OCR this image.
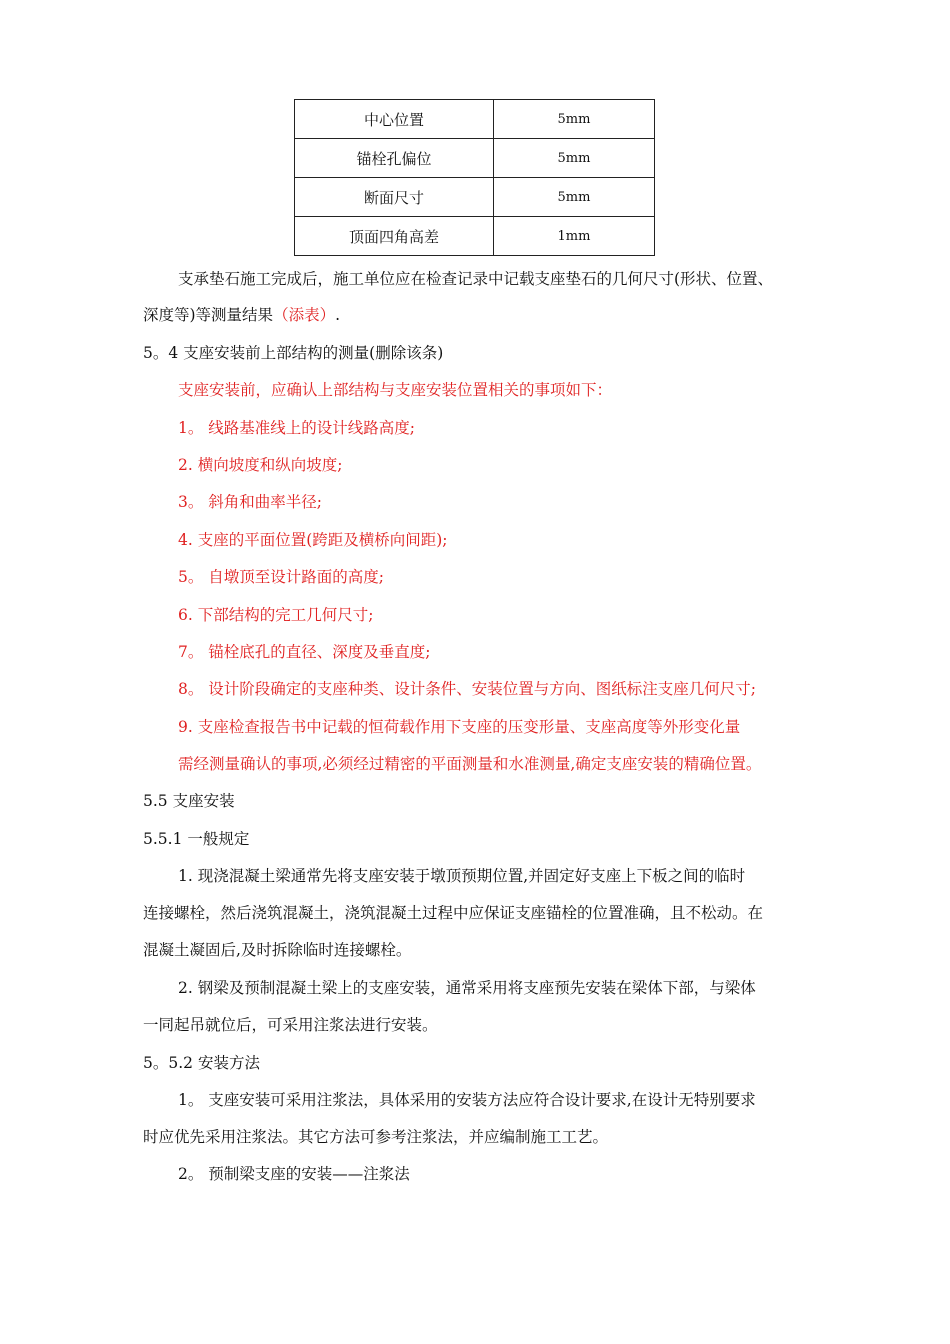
中心位置	5mm
锚栓孔偏位	5mm
断面尺寸	5mm
顶面四角高差	1mm
支承垫石施工完成后，施工单位应在检查记录中记载支座垫石的几何尺寸(形状、位置、
深度等)等测量结果（添表）.
5。4 支座安装前上部结构的测量(删除该条)
支座安装前，应确认上部结构与支座安装位置相关的事项如下：
1。 线路基准线上的设计线路高度;
2. 横向坡度和纵向坡度;
3。 斜角和曲率半径;
4. 支座的平面位置(跨距及横桥向间距);
5。 自墩顶至设计路面的高度;
6. 下部结构的完工几何尺寸;
7。 锚栓底孔的直径、深度及垂直度;
8。 设计阶段确定的支座种类、设计条件、安装位置与方向、图纸标注支座几何尺寸;
9. 支座检查报告书中记载的恒荷载作用下支座的压变形量、支座高度等外形变化量
需经测量确认的事项,必须经过精密的平面测量和水准测量,确定支座安装的精确位置。
5.5 支座安装
5.5.1 一般规定
1. 现浇混凝土梁通常先将支座安装于墩顶预期位置,并固定好支座上下板之间的临时
连接螺栓，然后浇筑混凝土，浇筑混凝土过程中应保证支座锚栓的位置准确，且不松动。在
混凝土凝固后,及时拆除临时连接螺栓。
2. 钢梁及预制混凝土梁上的支座安装，通常采用将支座预先安装在梁体下部，与梁体
一同起吊就位后，可采用注浆法进行安装。
5。5.2 安装方法
1。 支座安装可采用注浆法，具体采用的安装方法应符合设计要求,在设计无特别要求
时应优先采用注浆法。其它方法可参考注浆法，并应编制施工工艺。
2。 预制梁支座的安装——注浆法
